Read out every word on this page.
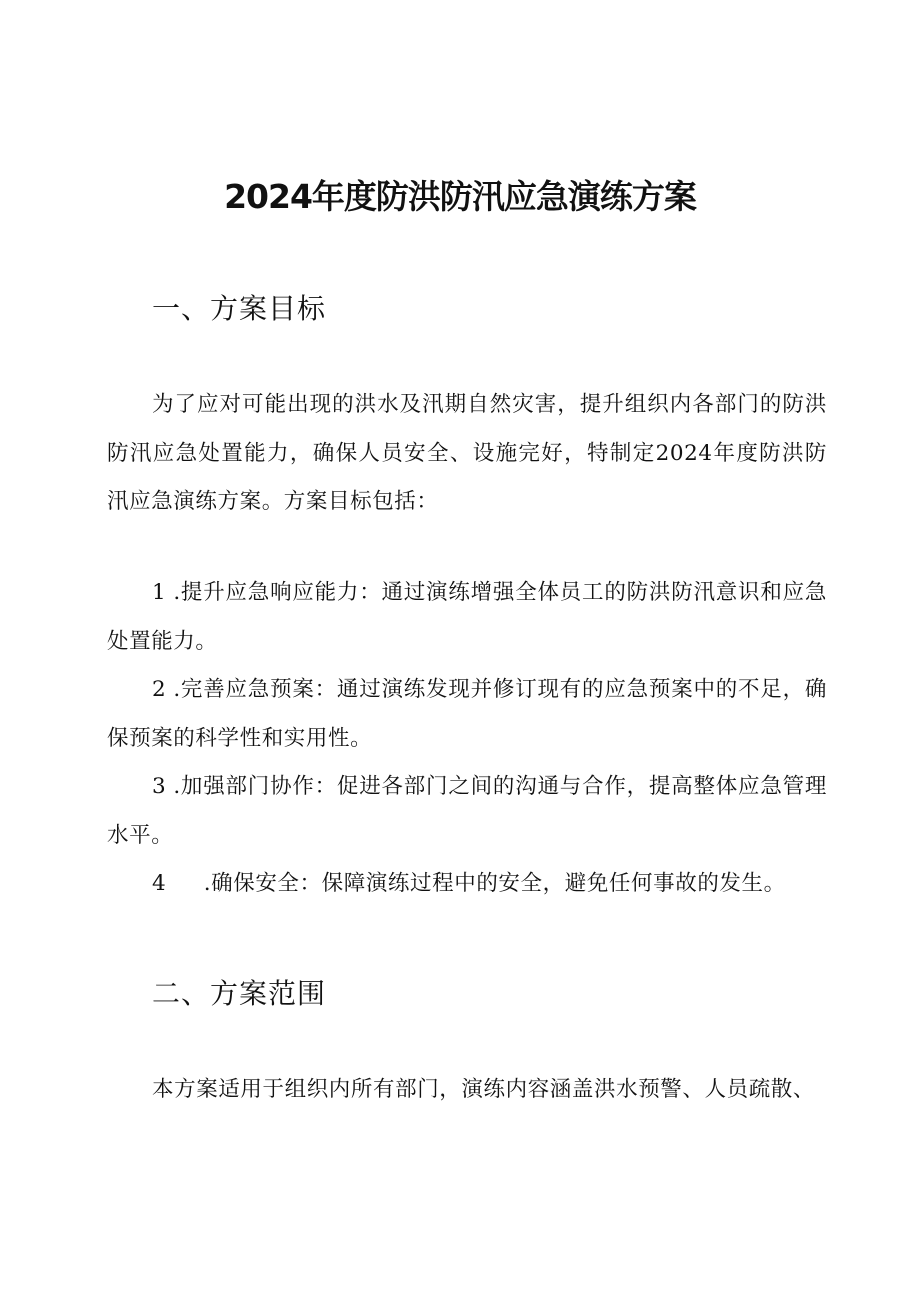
2024年度防洪防汛应急演练方案
一、方案目标

为了应对可能出现的洪水及汛期自然灾害，提升组织内各部门的防洪防汛应急处置能力，确保人员安全、设施完好，特制定2024年度防洪防汛应急演练方案。方案目标包括：

1 .提升应急响应能力：通过演练增强全体员工的防洪防汛意识和应急处置能力。

2 .完善应急预案：通过演练发现并修订现有的应急预案中的不足，确保预案的科学性和实用性。

3 .加强部门协作：促进各部门之间的沟通与合作，提高整体应急管理水平。

4 .确保安全：保障演练过程中的安全，避免任何事故的发生。

二、方案范围

本方案适用于组织内所有部门，演练内容涵盖洪水预警、人员疏散、
